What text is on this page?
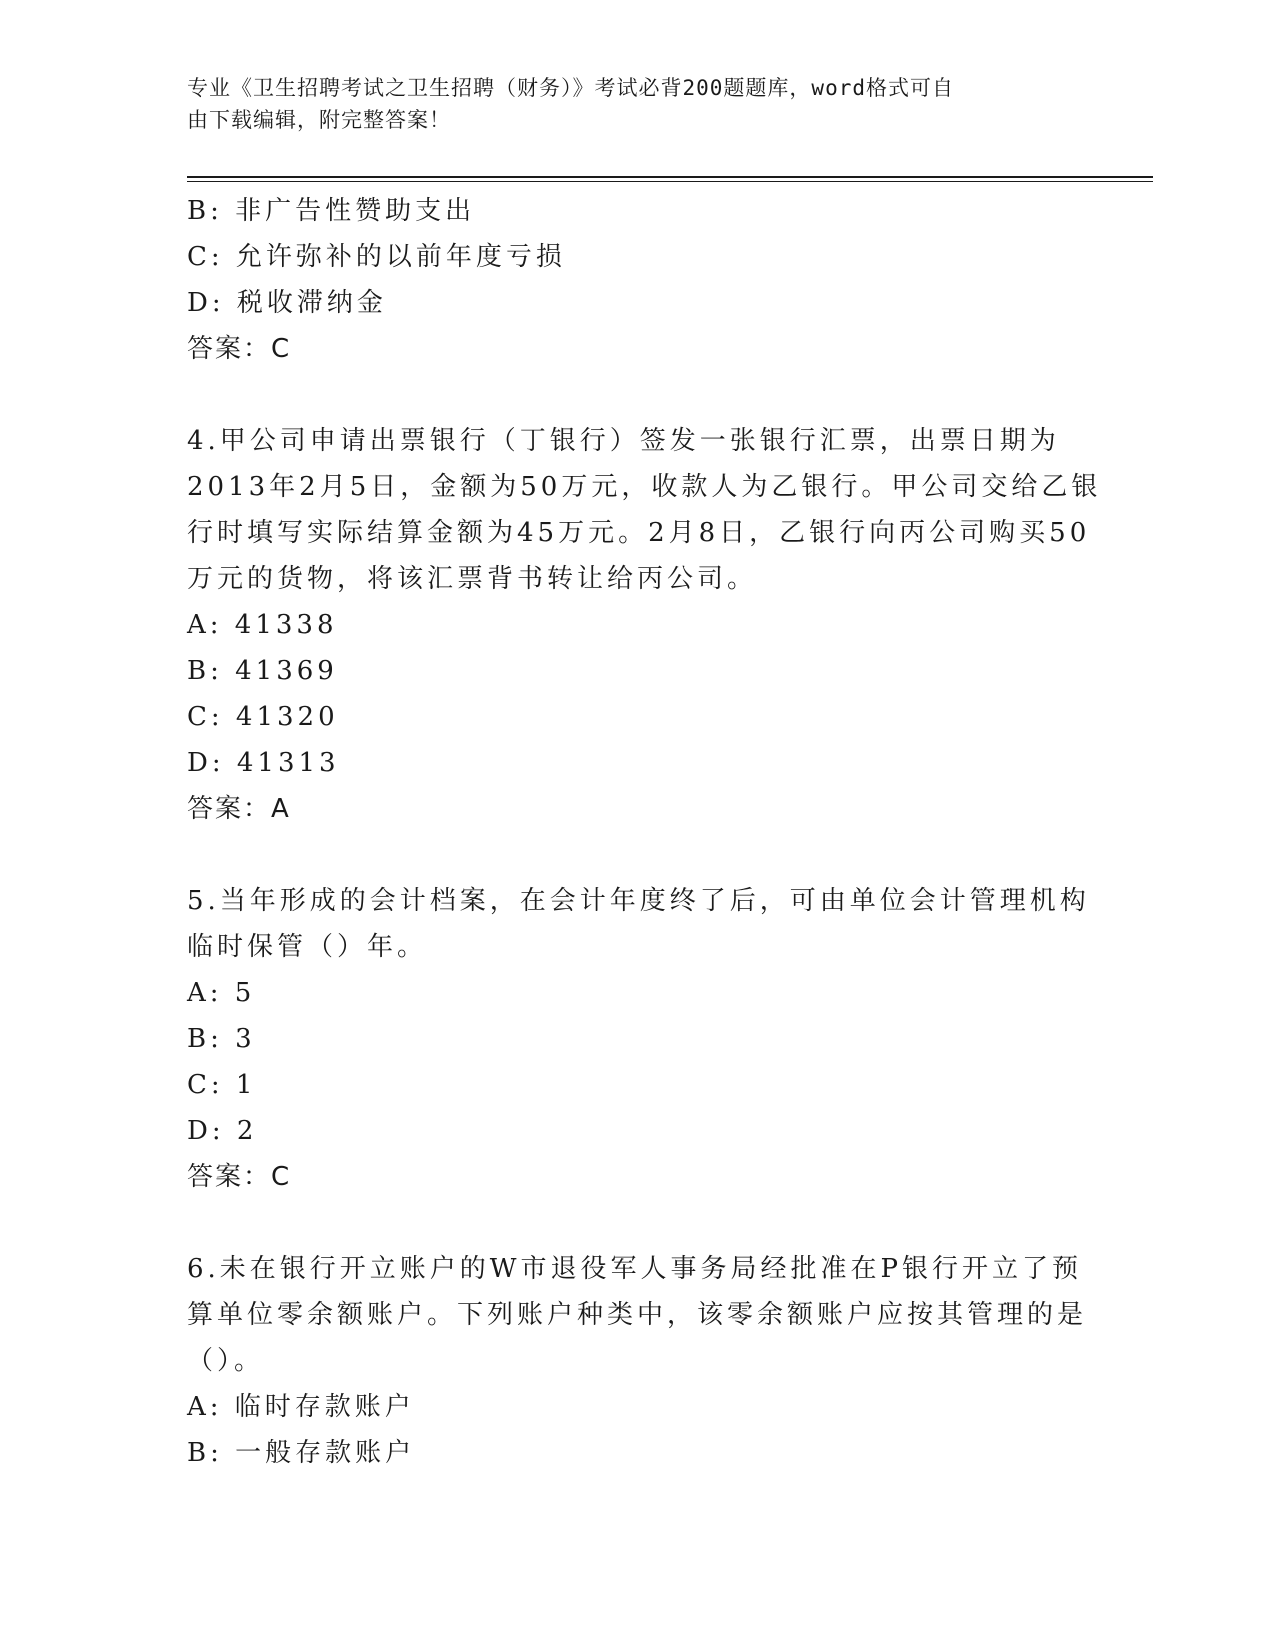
专业《卫生招聘考试之卫生招聘（财务）》考试必背200题题库，word格式可自
由下载编辑，附完整答案！
B: 非广告性赞助支出
C: 允许弥补的以前年度亏损
D: 税收滞纳金
答案：C
4.甲公司申请出票银行（丁银行）签发一张银行汇票，出票日期为
2013年2月5日，金额为50万元，收款人为乙银行。甲公司交给乙银
行时填写实际结算金额为45万元。2月8日，乙银行向丙公司购买50
万元的货物，将该汇票背书转让给丙公司。
A: 41338
B: 41369
C: 41320
D: 41313
答案：A
5.当年形成的会计档案，在会计年度终了后，可由单位会计管理机构
临时保管（）年。
A: 5
B: 3
C: 1
D: 2
答案：C
6.未在银行开立账户的W市退役军人事务局经批准在P银行开立了预
算单位零余额账户。下列账户种类中，该零余额账户应按其管理的是
（）。
A: 临时存款账户
B: 一般存款账户
